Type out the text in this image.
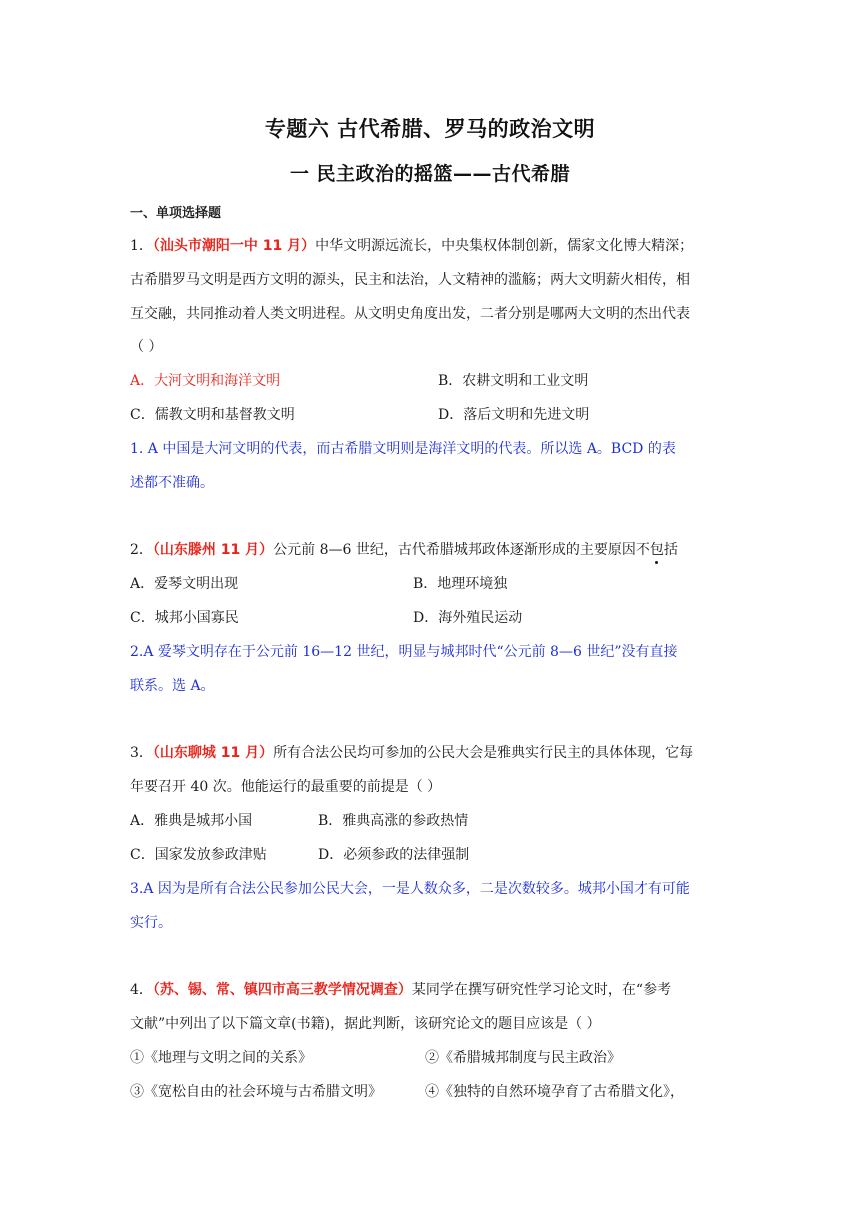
专题六 古代希腊、罗马的政治文明
一 民主政治的摇篮——古代希腊
一、单项选择题
1．（汕头市潮阳一中 11 月）中华文明源远流长，中央集权体制创新，儒家文化博大精深；
古希腊罗马文明是西方文明的源头，民主和法治，人文精神的滥觞；两大文明薪火相传，相
互交融，共同推动着人类文明进程。从文明史角度出发，二者分别是哪两大文明的杰出代表
（ ）
A．大河文明和海洋文明	B．农耕文明和工业文明
C．儒教文明和基督教文明	D．落后文明和先进文明
1. A 中国是大河文明的代表，而古希腊文明则是海洋文明的代表。所以选 A。BCD 的表
述都不准确。
2．（山东滕州 11 月）公元前 8—6 世纪，古代希腊城邦政体逐渐形成的主要原因不包括
A．爱琴文明出现	B．地理环境独
C．城邦小国寡民	D．海外殖民运动
2.A 爱琴文明存在于公元前 16—12 世纪，明显与城邦时代“公元前 8—6 世纪”没有直接
联系。选 A。
3．（山东聊城 11 月）所有合法公民均可参加的公民大会是雅典实行民主的具体体现，它每
年要召开 40 次。他能运行的最重要的前提是（ ）
A．雅典是城邦小国	B．雅典高涨的参政热情
C．国家发放参政津贴	D．必须参政的法律强制
3.A 因为是所有合法公民参加公民大会，一是人数众多，二是次数较多。城邦小国才有可能
实行。
4．（苏、锡、常、镇四市高三教学情况调查）某同学在撰写研究性学习论文时，在“参考
文献”中列出了以下篇文章(书籍)，据此判断，该研究论文的题目应该是（ ）
①《地理与文明之间的关系》	②《希腊城邦制度与民主政治》
③《宽松自由的社会环境与古希腊文明》	④《独特的自然环境孕育了古希腊文化》，
